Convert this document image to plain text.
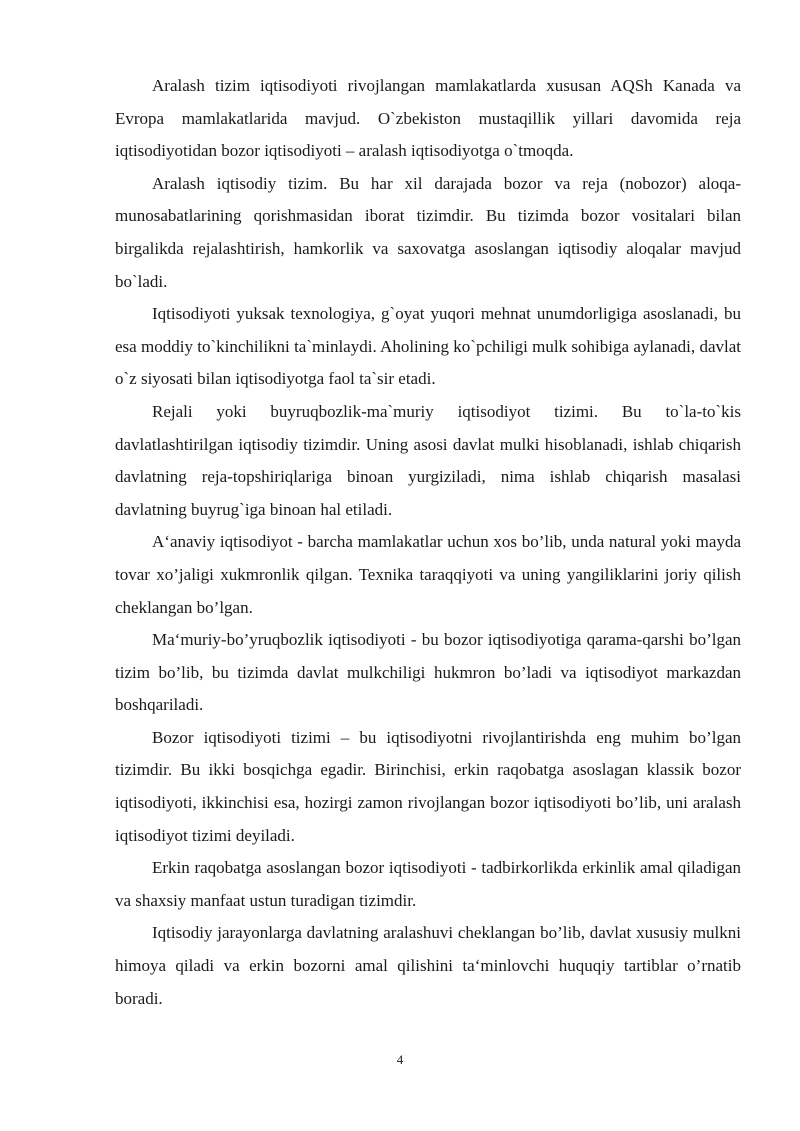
Aralash tizim iqtisodiyoti rivojlangan mamlakatlarda xususan AQSh Kanada va Evropa mamlakatlarida mavjud. O`zbekiston mustaqillik yillari davomida reja iqtisodiyotidan bozor iqtisodiyoti – aralash iqtisodiyotga o`tmoqda.

Aralash iqtisodiy tizim. Bu har xil darajada bozor va reja (nobozor) aloqa-munosabatlarining qorishmasidan iborat tizimdir. Bu tizimda bozor vositalari bilan birgalikda rejalashtirish, hamkorlik va saxovatga asoslangan iqtisodiy aloqalar mavjud bo`ladi.

Iqtisodiyoti yuksak texnologiya, g`oyat yuqori mehnat unumdorligiga asoslanadi, bu esa moddiy to`kinchilikni ta`minlaydi. Aholining ko`pchiligi mulk sohibiga aylanadi, davlat o`z siyosati bilan iqtisodiyotga faol ta`sir etadi.

Rejali yoki buyruqbozlik-ma`muriy iqtisodiyot tizimi. Bu to`la-to`kis davlatlashtirilgan iqtisodiy tizimdir. Uning asosi davlat mulki hisoblanadi, ishlab chiqarish davlatning reja-topshiriqlariga binoan yurgiziladi, nima ishlab chiqarish masalasi davlatning buyrug`iga binoan hal etiladi.

A‘anaviy iqtisodiyot - barcha mamlakatlar uchun xos bo’lib, unda natural yoki mayda tovar xo’jaligi xukmronlik qilgan. Texnika taraqqiyoti va uning yangiliklarini joriy qilish cheklangan bo’lgan.

Ma‘muriy-bo’yruqbozlik iqtisodiyoti - bu bozor iqtisodiyotiga qarama-qarshi bo’lgan tizim bo’lib, bu tizimda davlat mulkchiligi hukmron bo’ladi va iqtisodiyot markazdan boshqariladi.

Bozor iqtisodiyoti tizimi – bu iqtisodiyotni rivojlantirishda eng muhim bo’lgan tizimdir. Bu ikki bosqichga egadir. Birinchisi, erkin raqobatga asoslagan klassik bozor iqtisodiyoti, ikkinchisi esa, hozirgi zamon rivojlangan bozor iqtisodiyoti bo’lib, uni aralash iqtisodiyot tizimi deyiladi.

Erkin raqobatga asoslangan bozor iqtisodiyoti - tadbirkorlikda erkinlik amal qiladigan va shaxsiy manfaat ustun turadigan tizimdir.

Iqtisodiy jarayonlarga davlatning aralashuvi cheklangan bo’lib, davlat xususiy mulkni himoya qiladi va erkin bozorni amal qilishini ta‘minlovchi huquqiy tartiblar o’rnatib boradi.

4
